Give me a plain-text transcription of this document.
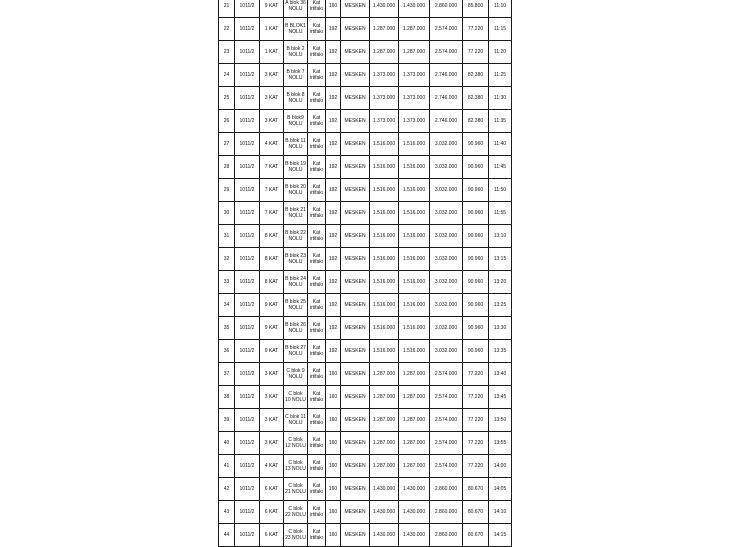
21	1011/2	9 KAT	A blok 36 NOLU	Kat irtifakı	160	MESKEN	1.430.000	1.430.000	2.860.000	85.800	11:10
22	1011/2	1 KAT	B BLOK1 NOLU	Kat irtifakı	192	MESKEN	1.287.000	1.287.000	2.574.000	77.220	11:15
23	1011/2	1 KAT	B blok 2 NOLU	Kat irtifakı	192	MESKEN	1.287.000	1.287.000	2.574.000	77.220	11:20
24	1011/2	3 KAT	B blok 7 NOLU	Kat irtifakı	192	MESKEN	1.373.000	1.373.000	2.746.000	82.380	11:25
25	1011/2	3 KAT	B blok 8 NOLU	Kat irtifakı	192	MESKEN	1.373.000	1.373.000	2.746.000	82.380	11:30
26	1011/2	3 KAT	B blok9 NOLU	Kat irtifakı	192	MESKEN	1.373.000	1.373.000	2.746.000	82.380	11:35
27	1011/2	4 KAT	B blok 11 NOLU	Kat irtifakı	192	MESKEN	1.516.000	1.516.000	3.032.000	90.960	11:40
28	1011/2	7 KAT	B blok 19 NOLU	Kat irtifakı	192	MESKEN	1.516.000	1.516.000	3.032.000	90.960	11:45
29	1011/2	7 KAT	B blok 20 NOLU	Kat irtifakı	192	MESKEN	1.516.000	1.516.000	3.032.000	90.960	11:50
30	1011/2	7 KAT	B blok 21 NOLU	Kat irtifakı	192	MESKEN	1.516.000	1.516.000	3.032.000	90.960	11:55
31	1011/2	8 KAT	B blok 22 NOLU	Kat irtifakı	192	MESKEN	1.516.000	1.516.000	3.032.000	90.960	13:10
32	1011/2	8 KAT	B blok 23 NOLU	Kat irtifakı	192	MESKEN	1.516.000	1.516.000	3.032.000	90.960	13:15
33	1011/2	8 KAT	B blok 24 NOLU	Kat irtifakı	192	MESKEN	1.516.000	1.516.000	3.032.000	90.960	13:20
34	1011/2	9 KAT	B blok 25 NOLU	Kat irtifakı	192	MESKEN	1.516.000	1.516.000	3.032.000	90.960	13:25
35	1011/2	9 KAT	B blok 26 NOLU	Kat irtifakı	192	MESKEN	1.516.000	1.516.000	3.032.000	90.960	13:30
36	1011/2	9 KAT	B blok 27 NOLU	Kat irtifakı	192	MESKEN	1.516.000	1.516.000	3.032.000	90.960	13:35
37	1011/2	3 KAT	C blok 9 NOLU	Kat irtifakı	160	MESKEN	1.287.000	1.287.000	2.574.000	77.220	13:40
38	1011/2	3 KAT	C blok 10 NOLU	Kat irtifakı	160	MESKEN	1.287.000	1.287.000	2.574.000	77.220	13:45
39	1011/2	3 KAT	C blok 11 NOLU	Kat irtifakı	160	MESKEN	1.287.000	1.287.000	2.574.000	77.220	13:50
40	1011/2	3 KAT	C blok 12 NOLU	Kat irtifakı	160	MESKEN	1.287.000	1.287.000	2.574.000	77.220	13:55
41	1011/2	4 KAT	C blok 13 NOLU	Kat irtifakı	160	MESKEN	1.287.000	1.287.000	2.574.000	77.220	14:00
42	1011/2	6 KAT	C blok 21 NOLU	Kat irtifakı	160	MESKEN	1.430.000	1.430.000	2.860.000	80.670	14:05
43	1011/2	6 KAT	C blok 22 NOLU	Kat irtifakı	160	MESKEN	1.430.000	1.430.000	2.860.000	80.670	14:10
44	1011/2	6 KAT	C blok 23 NOLU	Kat irtifakı	160	MESKEN	1.430.000	1.430.000	2.860.000	80.670	14:15
